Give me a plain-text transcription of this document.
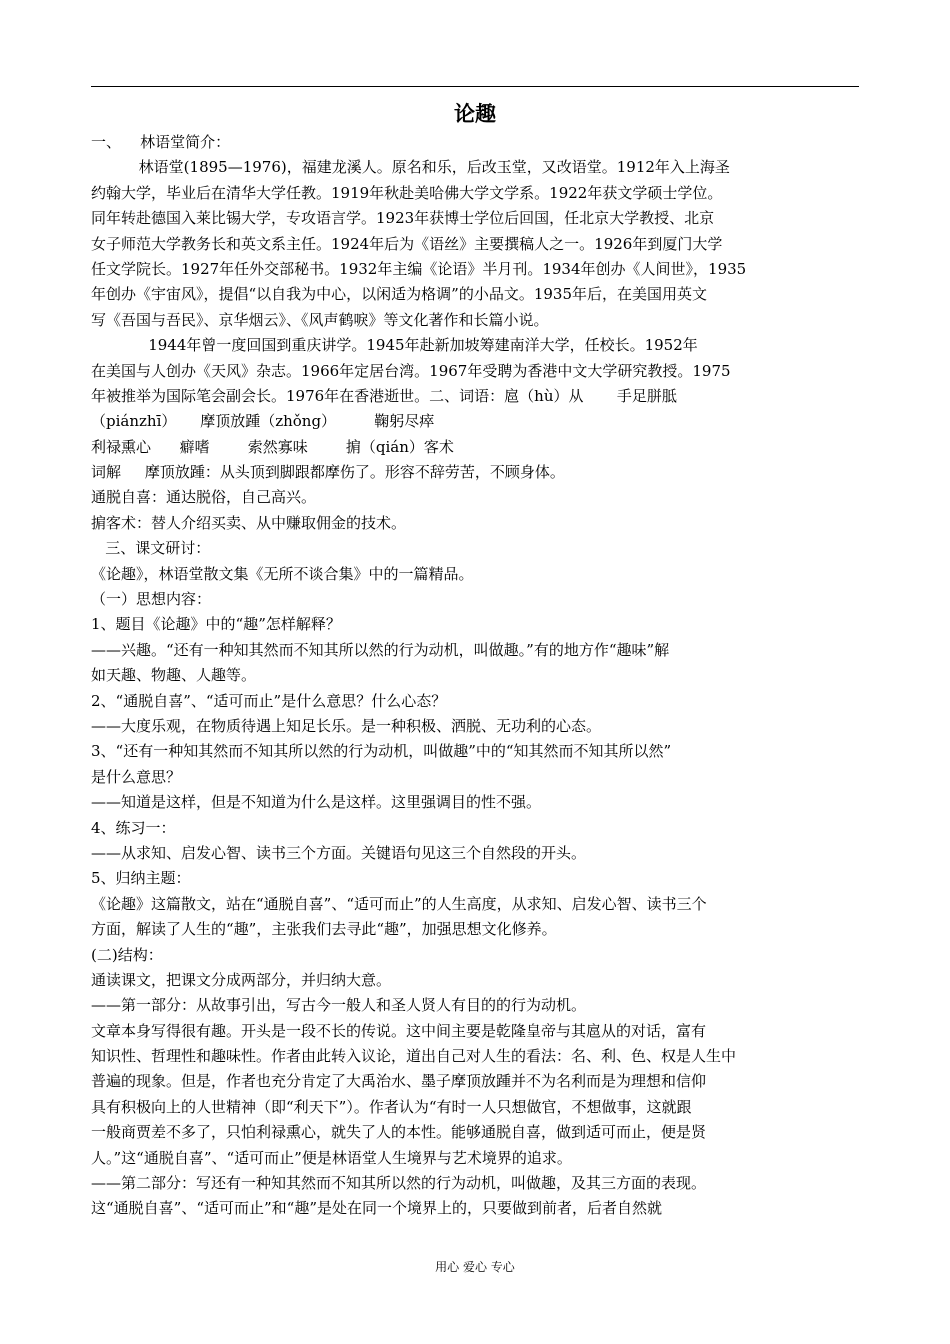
论趣
一、    林语堂简介：
林语堂(1895—1976)，福建龙溪人。原名和乐，后改玉堂，又改语堂。1912年入上海圣
约翰大学，毕业后在清华大学任教。1919年秋赴美哈佛大学文学系。1922年获文学硕士学位。
同年转赴德国入莱比锡大学，专攻语言学。1923年获博士学位后回国，任北京大学教授、北京
女子师范大学教务长和英文系主任。1924年后为《语丝》主要撰稿人之一。1926年到厦门大学
任文学院长。1927年任外交部秘书。1932年主编《论语》半月刊。1934年创办《人间世》，1935
年创办《宇宙风》，提倡“以自我为中心，以闲适为格调”的小品文。1935年后，在美国用英文
写《吾国与吾民》、京华烟云》、《风声鹤唳》等文化著作和长篇小说。
1944年曾一度回国到重庆讲学。1945年赴新加坡筹建南洋大学，任校长。1952年
在美国与人创办《天风》杂志。1966年定居台湾。1967年受聘为香港中文大学研究教授。1975
年被推举为国际笔会副会长。1976年在香港逝世。二、词语：扈（hù）从       手足胼胝
（piánzhī）     摩顶放踵（zhǒng）        鞠躬尽瘁
利禄熏心      癖嗜        索然寡味        掮（qián）客术
词解     摩顶放踵：从头顶到脚跟都摩伤了。形容不辞劳苦，不顾身体。
通脱自喜：通达脱俗，自己高兴。
掮客术：替人介绍买卖、从中赚取佣金的技术。
三、课文研讨：
《论趣》，林语堂散文集《无所不谈合集》中的一篇精品。
（一）思想内容：
1、题目《论趣》中的“趣”怎样解释？
——兴趣。“还有一种知其然而不知其所以然的行为动机，叫做趣。”有的地方作“趣味”解
如天趣、物趣、人趣等。
2、“通脱自喜”、“适可而止”是什么意思？什么心态？
——大度乐观，在物质待遇上知足长乐。是一种积极、洒脱、无功利的心态。
3、“还有一种知其然而不知其所以然的行为动机，叫做趣”中的“知其然而不知其所以然”
是什么意思？
——知道是这样，但是不知道为什么是这样。这里强调目的性不强。
4、练习一：
——从求知、启发心智、读书三个方面。关键语句见这三个自然段的开头。
5、归纳主题：
《论趣》这篇散文，站在“通脱自喜”、“适可而止”的人生高度，从求知、启发心智、读书三个
方面，解读了人生的“趣”，主张我们去寻此“趣”，加强思想文化修养。
(二)结构：
通读课文，把课文分成两部分，并归纳大意。
——第一部分：从故事引出，写古今一般人和圣人贤人有目的的行为动机。
文章本身写得很有趣。开头是一段不长的传说。这中间主要是乾隆皇帝与其扈从的对话，富有
知识性、哲理性和趣味性。作者由此转入议论，道出自己对人生的看法：名、利、色、权是人生中
普遍的现象。但是，作者也充分肯定了大禹治水、墨子摩顶放踵并不为名利而是为理想和信仰
具有积极向上的人世精神（即“利天下”）。作者认为“有时一人只想做官，不想做事，这就跟
一般商贾差不多了，只怕利禄熏心，就失了人的本性。能够通脱自喜，做到适可而止，便是贤
人。”这“通脱自喜”、“适可而止”便是林语堂人生境界与艺术境界的追求。
——第二部分：写还有一种知其然而不知其所以然的行为动机，叫做趣，及其三方面的表现。
这“通脱自喜”、“适可而止”和“趣”是处在同一个境界上的，只要做到前者，后者自然就
用心 爱心 专心
